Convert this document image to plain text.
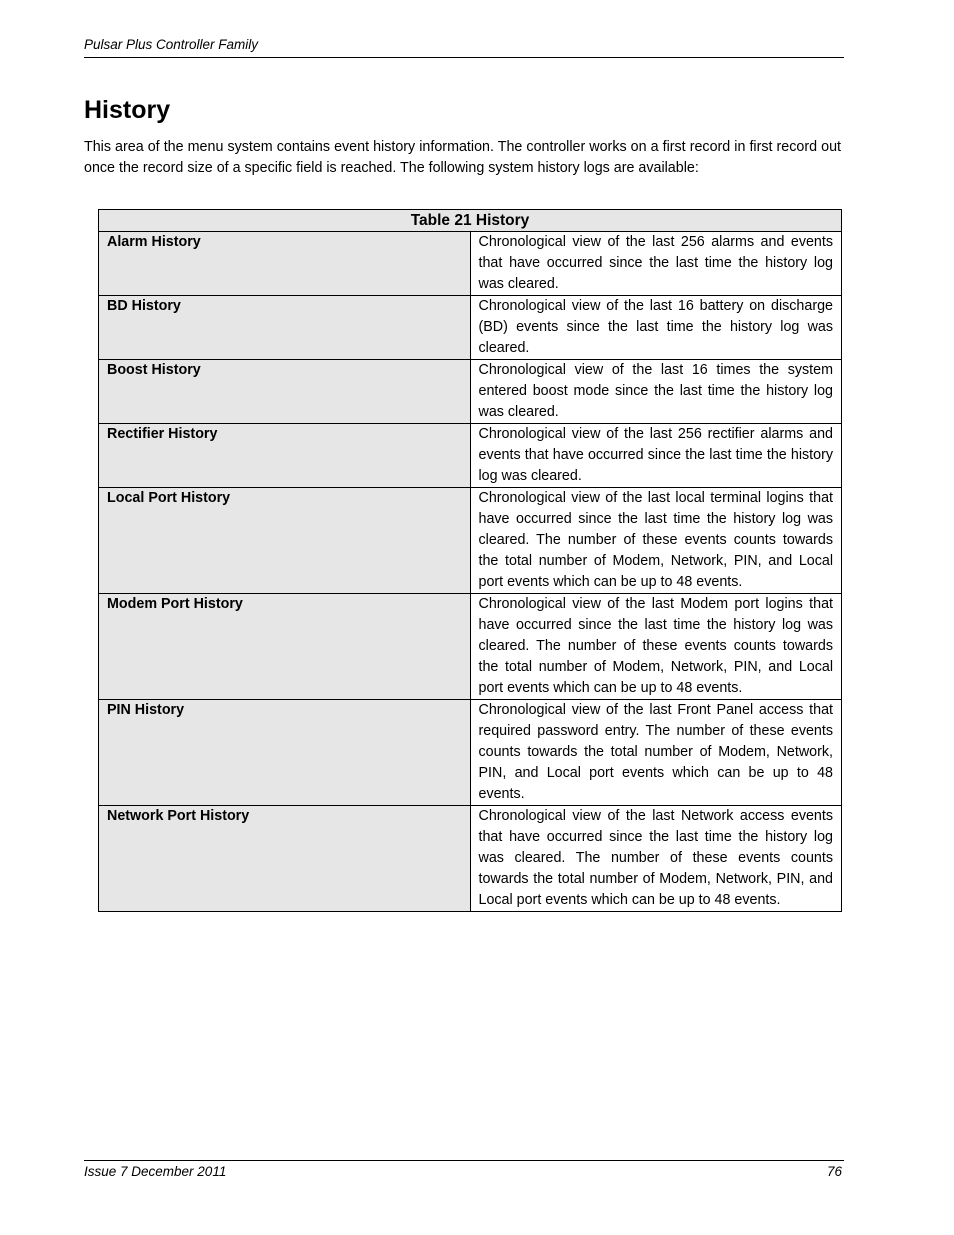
Pulsar Plus Controller Family
History

This area of the menu system contains event history information. The controller works on a first record in first record out once the record size of a specific field is reached. The following system history logs are available:

Table 21 History	
Alarm History	Chronological view of the last 256 alarms and events that have occurred since the last time the history log was cleared.
BD History	Chronological view of the last 16 battery on discharge (BD) events since the last time the history log was cleared.
Boost History	Chronological view of the last 16 times the system entered boost mode since the last time the history log was cleared.
Rectifier History	Chronological view of the last 256 rectifier alarms and events that have occurred since the last time the history log was cleared.
Local Port History	Chronological view of the last local terminal logins that have occurred since the last time the history log was cleared. The number of these events counts towards the total number of Modem, Network, PIN, and Local port events which can be up to 48 events.
Modem Port History	Chronological view of the last Modem port logins that have occurred since the last time the history log was cleared. The number of these events counts towards the total number of Modem, Network, PIN, and Local port events which can be up to 48 events.
PIN History	Chronological view of the last Front Panel access that required password entry. The number of these events counts towards the total number of Modem, Network, PIN, and Local port events which can be up to 48 events.
Network Port History	Chronological view of the last Network access events that have occurred since the last time the history log was cleared. The number of these events counts towards the total number of Modem, Network, PIN, and Local port events which can be up to 48 events.
Issue 7 December 2011	76
